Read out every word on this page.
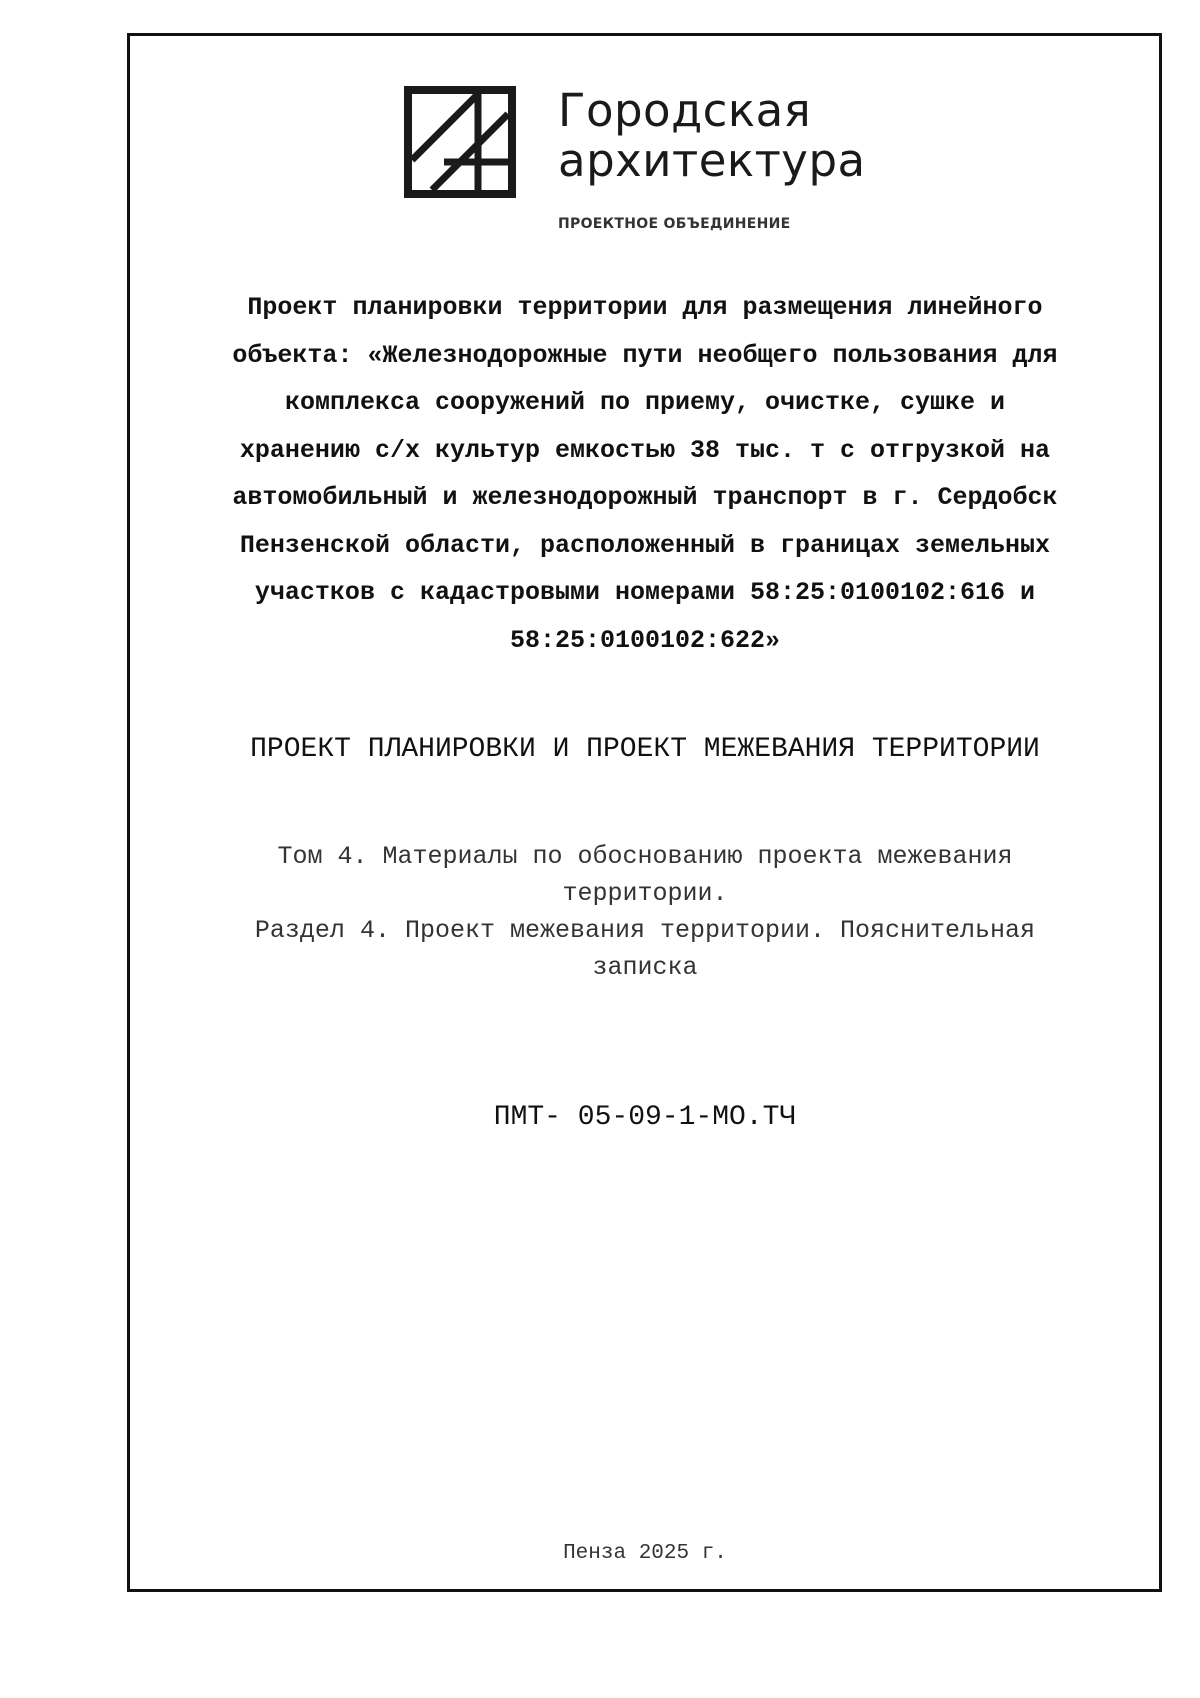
Городская
архитектура
ПРОЕКТНОЕ ОБЪЕДИНЕНИЕ
Проект планировки территории для размещения линейного
объекта: «Железнодорожные пути необщего пользования для
комплекса сооружений по приему, очистке, сушке и
хранению с/х культур емкостью 38 тыс. т с отгрузкой на
автомобильный и железнодорожный транспорт в г. Сердобск
Пензенской области, расположенный в границах земельных
участков с кадастровыми номерами 58:25:0100102:616 и
58:25:0100102:622»
ПРОЕКТ ПЛАНИРОВКИ И ПРОЕКТ МЕЖЕВАНИЯ ТЕРРИТОРИИ
Том 4. Материалы по обоснованию проекта межевания
территории.
Раздел 4. Проект межевания территории. Пояснительная
записка
ПМТ- 05-09-1-МО.ТЧ
Пенза 2025 г.
